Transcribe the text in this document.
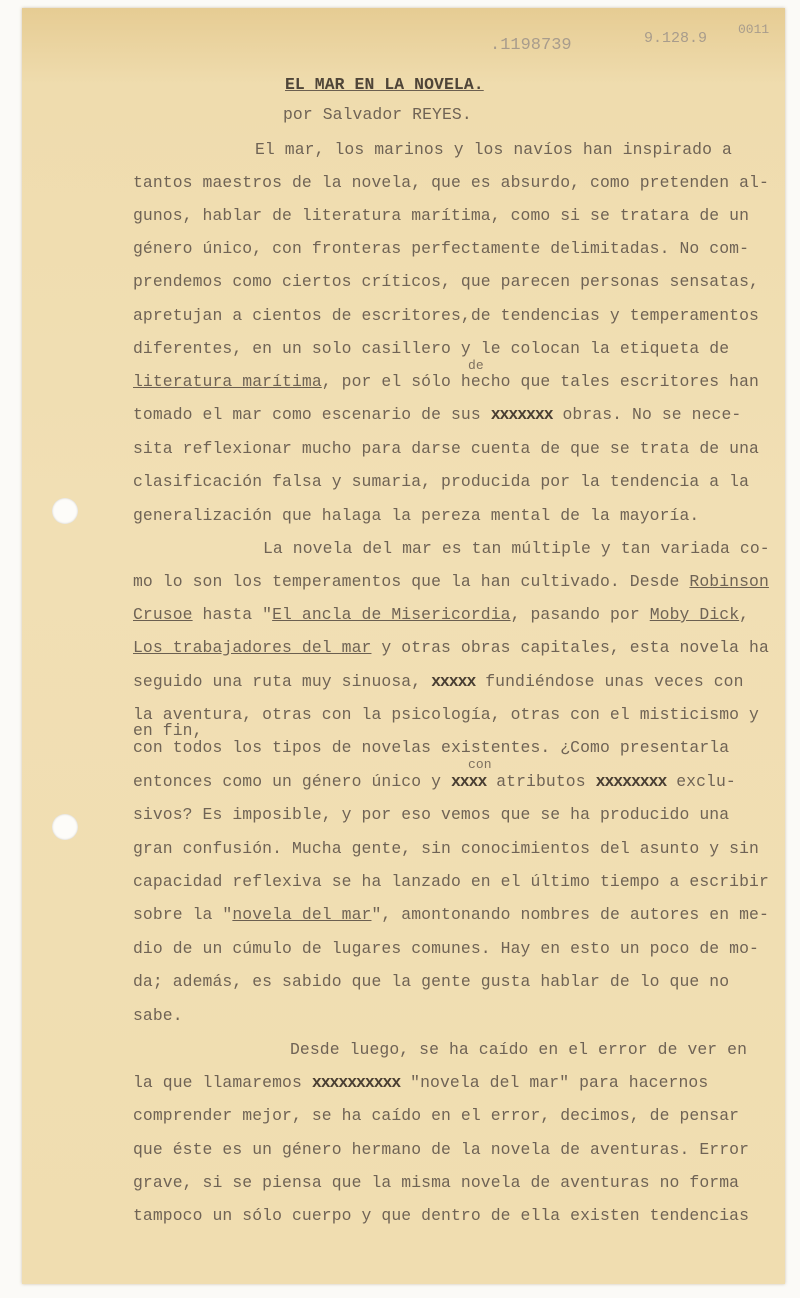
.1198739	9.128.9
0011
EL MAR EN LA NOVELA.
por Salvador REYES.
El mar, los marinos y los navíos han inspirado a
tantos maestros de la novela, que es absurdo, como pretenden al-
gunos, hablar de literatura marítima, como si se tratara de un
género único, con fronteras perfectamente delimitadas. No com-
prendemos como ciertos críticos, que parecen personas sensatas,
apretujan a cientos de escritores,de tendencias y temperamentos
diferentes, en un solo casillero y le colocan la etiqueta de
de
literatura marítima, por el sólo hecho que tales escritores han
tomado el mar como escenario de sus xxxxxxx obras. No se nece-
sita reflexionar mucho para darse cuenta de que se trata de una
clasificación falsa y sumaria, producida por la tendencia a la
generalización que halaga la pereza mental de la mayoría.
La novela del mar es tan múltiple y tan variada co-
mo lo son los temperamentos que la han cultivado. Desde Robinson
Crusoe hasta "El ancla de Misericordia, pasando por Moby Dick,
Los trabajadores del mar y otras obras capitales, esta novela ha
seguido una ruta muy sinuosa, xxxxx fundiéndose unas veces con
la aventura, otras con la psicología, otras con el misticismo y
en fin,
con todos los tipos de novelas existentes. ¿Como presentarla
con
entonces como un género único y xxxx atributos xxxxxxxx exclu-
sivos? Es imposible, y por eso vemos que se ha producido una
gran confusión. Mucha gente, sin conocimientos del asunto y sin
capacidad reflexiva se ha lanzado en el último tiempo a escribir
sobre la "novela del mar", amontonando nombres de autores en me-
dio de un cúmulo de lugares comunes. Hay en esto un poco de mo-
da; además, es sabido que la gente gusta hablar de lo que no
sabe.
Desde luego, se ha caído en el error de ver en
la que llamaremos xxxxxxxxxx "novela del mar" para hacernos
comprender mejor, se ha caído en el error, decimos, de pensar
que éste es un género hermano de la novela de aventuras. Error
grave, si se piensa que la misma novela de aventuras no forma
tampoco un sólo cuerpo y que dentro de ella existen tendencias
